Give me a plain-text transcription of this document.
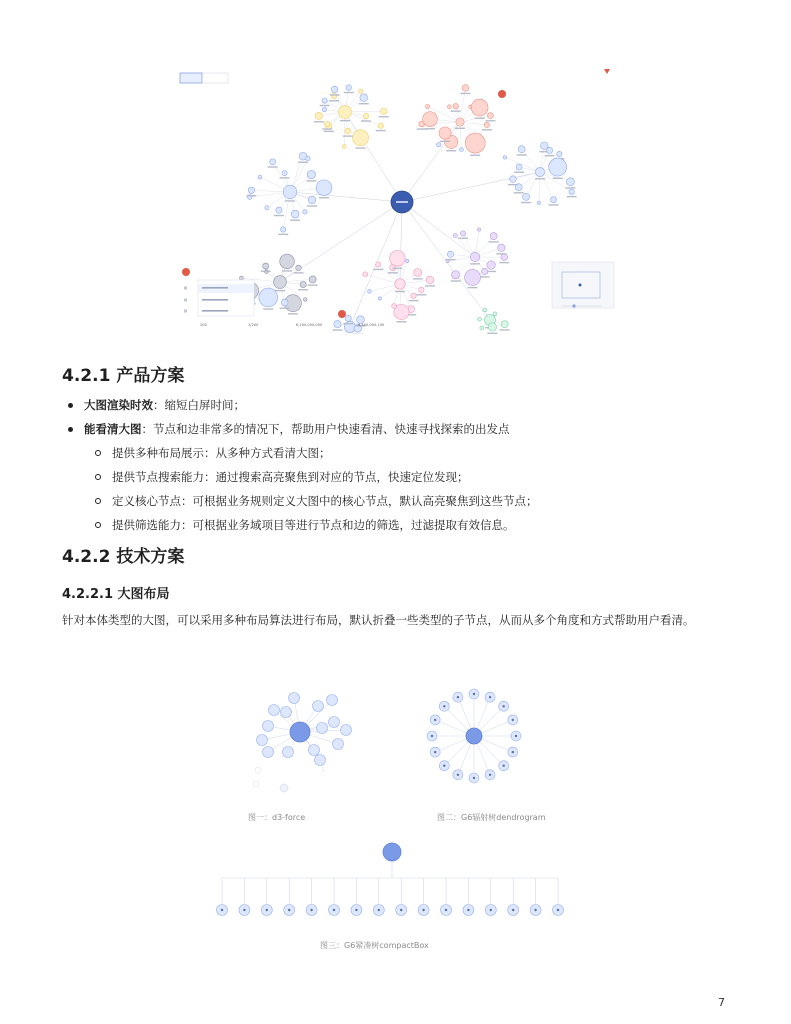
200	1/200	6,100,000,000	6,400,000,100
4.2.1 产品方案
大图渲染时效：缩短白屏时间；
能看清大图：节点和边非常多的情况下，帮助用户快速看清、快速寻找探索的出发点
提供多种布局展示：从多种方式看清大图；
提供节点搜索能力：通过搜索高亮聚焦到对应的节点，快速定位发现；
定义核心节点：可根据业务规则定义大图中的核心节点，默认高亮聚焦到这些节点；
提供筛选能力：可根据业务域项目等进行节点和边的筛选，过滤提取有效信息。
4.2.2 技术方案
4.2.2.1 大图布局

针对本体类型的大图，可以采用多种布局算法进行布局，默认折叠一些类型的子节点，从而从多个角度和方式帮助用户看清。

图一：d3-force	图二：G6辐射树dendrogram
图三：G6紧凑树compactBox
7
